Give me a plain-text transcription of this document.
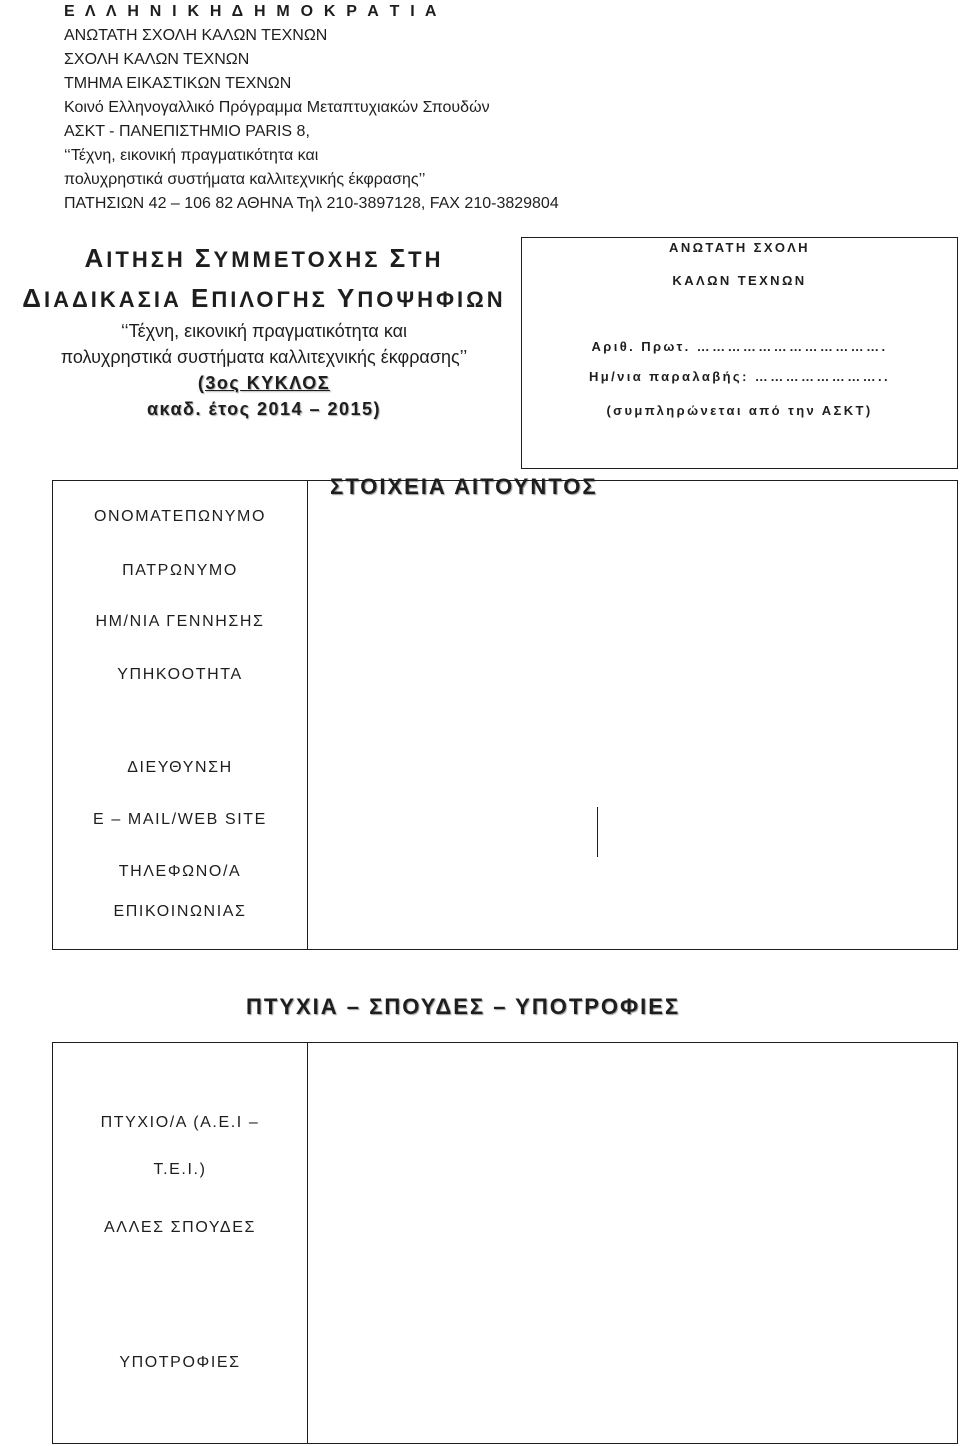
Ε Λ Λ Η Ν Ι Κ Η Δ Η Μ Ο Κ Ρ Α Τ Ι Α
ΑΝΩΤΑΤΗ ΣΧΟΛΗ ΚΑΛΩΝ ΤΕΧΝΩΝ
ΣΧΟΛΗ ΚΑΛΩΝ ΤΕΧΝΩΝ
ΤΜΗΜΑ ΕΙΚΑΣΤΙΚΩΝ ΤΕΧΝΩΝ
Κοινό Ελληνογαλλικό Πρόγραμμα Μεταπτυχιακών Σπουδών
ΑΣΚΤ - ΠΑΝΕΠΙΣΤΗΜΙΟ PARIS 8,
‘‘Τέχνη, εικονική πραγματικότητα και
πολυχρηστικά συστήματα καλλιτεχνικής έκφρασης’’
ΠΑΤΗΣΙΩΝ 42 – 106 82 ΑΘΗΝΑ Τηλ 210-3897128, FAX 210-3829804
ΑΙΤΗΣΗ ΣΥΜΜΕΤΟΧΗΣ ΣΤΗ
ΔΙΑΔΙΚΑΣΙΑ ΕΠΙΛΟΓΗΣ ΥΠΟΨΗΦΙΩΝ
‘‘Τέχνη, εικονική πραγματικότητα και
πολυχρηστικά συστήματα καλλιτεχνικής έκφρασης’’
(3ος ΚΥΚΛΟΣ
ακαδ. έτος 2014 – 2015)
ΑΝΩΤΑΤΗ ΣΧΟΛΗ
ΚΑΛΩΝ ΤΕΧΝΩΝ
Αριθ. Πρωτ. ……………………………….
Ημ/νια παραλαβής: ……………………..
(συμπληρώνεται από την ΑΣΚΤ)
ΣΤΟΙΧΕΙΑ ΑΙΤΟΥΝΤΟΣ
ΟΝΟΜΑΤΕΠΩΝΥΜΟ
ΠΑΤΡΩΝΥΜΟ
ΗΜ/ΝΙΑ ΓΕΝΝΗΣΗΣ
ΥΠΗΚΟΟΤΗΤΑ
ΔΙΕΥΘΥΝΣΗ
Ε – MAIL/WEB SITE
ΤΗΛΕΦΩΝΟ/Α
ΕΠΙΚΟΙΝΩΝΙΑΣ
ΠΤΥΧΙΑ – ΣΠΟΥΔΕΣ – ΥΠΟΤΡΟΦΙΕΣ
ΠΤΥΧΙΟ/Α (Α.Ε.Ι –
Τ.Ε.Ι.)
ΑΛΛΕΣ ΣΠΟΥΔΕΣ
ΥΠΟΤΡΟΦΙΕΣ
